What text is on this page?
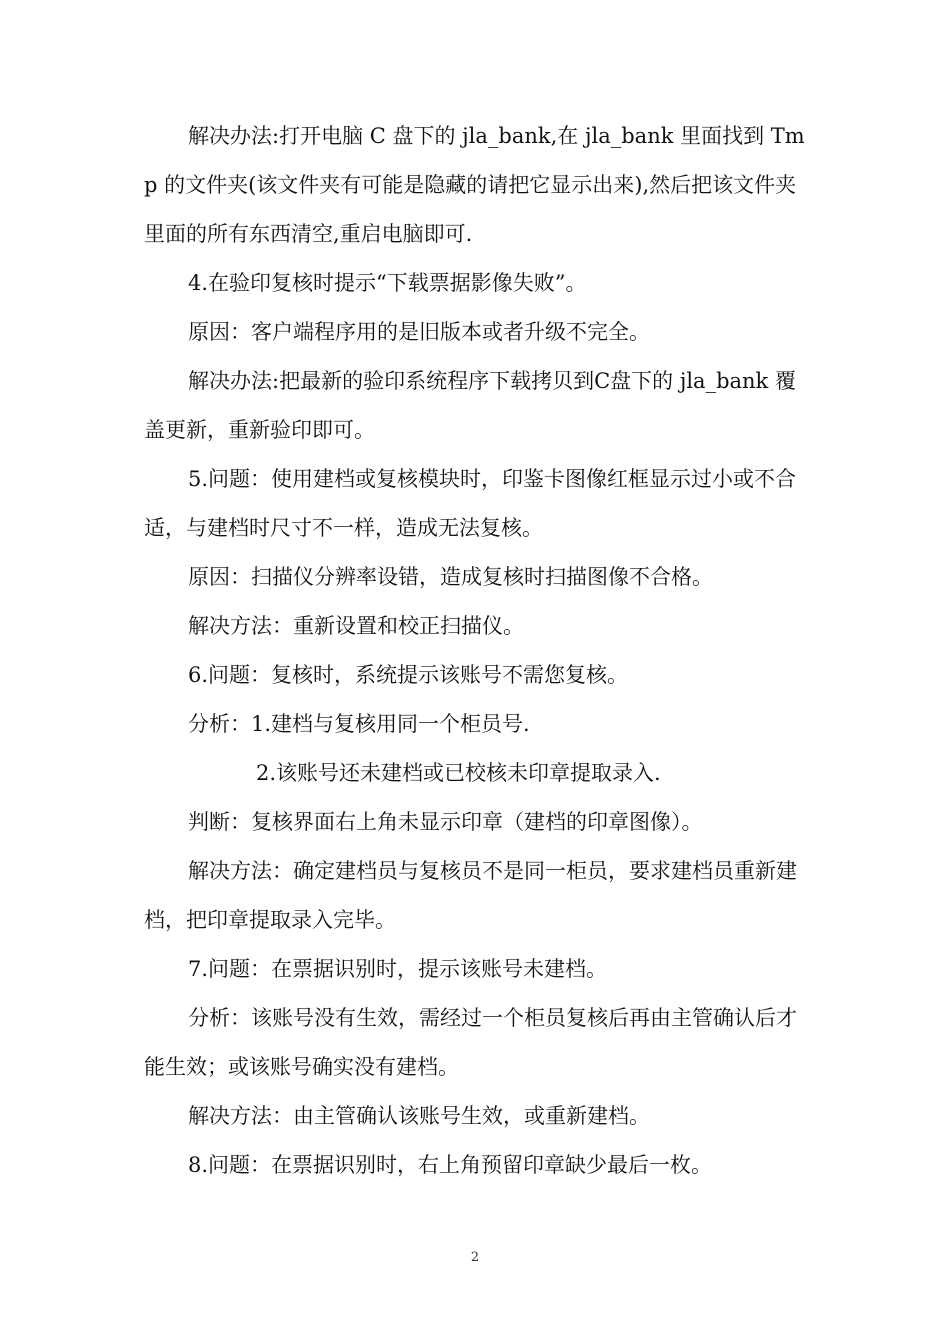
解决办法:打开电脑 C 盘下的 jla_bank,在 jla_bank 里面找到 Tmp 的文件夹(该文件夹有可能是隐藏的请把它显示出来),然后把该文件夹里面的所有东西清空,重启电脑即可.

4.在验印复核时提示“下载票据影像失败”。

原因：客户端程序用的是旧版本或者升级不完全。

解决办法:把最新的验印系统程序下载拷贝到C盘下的 jla_bank 覆盖更新，重新验印即可。

5.问题：使用建档或复核模块时，印鉴卡图像红框显示过小或不合适，与建档时尺寸不一样，造成无法复核。

原因：扫描仪分辨率设错，造成复核时扫描图像不合格。

解决方法：重新设置和校正扫描仪。

6.问题：复核时，系统提示该账号不需您复核。

分析：1.建档与复核用同一个柜员号.

2.该账号还未建档或已校核未印章提取录入.

判断：复核界面右上角未显示印章（建档的印章图像）。

解决方法：确定建档员与复核员不是同一柜员，要求建档员重新建档，把印章提取录入完毕。

7.问题：在票据识别时，提示该账号未建档。

分析：该账号没有生效，需经过一个柜员复核后再由主管确认后才能生效；或该账号确实没有建档。

解决方法：由主管确认该账号生效，或重新建档。

8.问题：在票据识别时，右上角预留印章缺少最后一枚。

2
